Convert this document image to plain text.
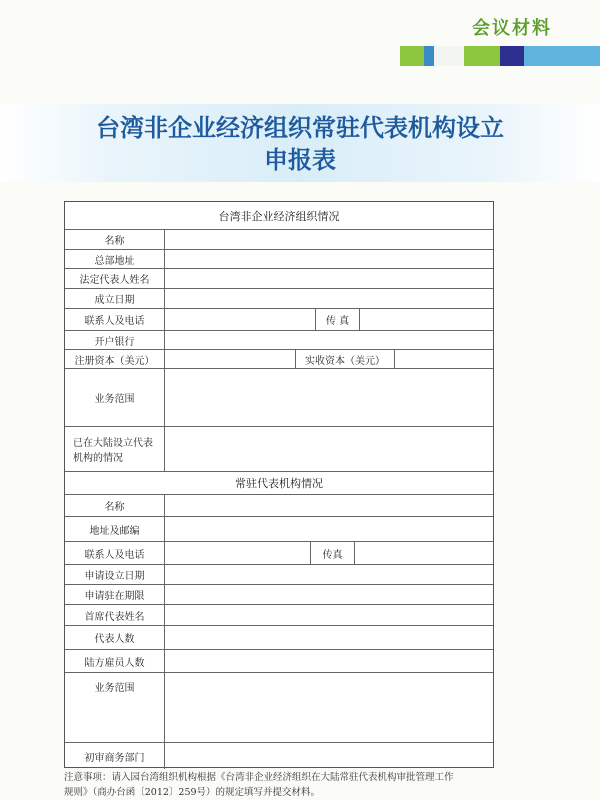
会议材料
台湾非企业经济组织常驻代表机构设立
申报表
台湾非企业经济组织情况
名称
总部地址
法定代表人姓名
成立日期
联系人及电话	传 真
开户银行
注册资本（美元）	实收资本（美元）
业务范围
已在大陆设立代表机构的情况
常驻代表机构情况
名称
地址及邮编
联系人及电话	传真
申请设立日期
申请驻在期限
首席代表姓名
代表人数
陆方雇员人数
业务范围
初审商务部门
注意事项：请入园台湾组织机构根据《台湾非企业经济组织在大陆常驻代表机构审批管理工作
规则》（商办台函〔2012〕259号）的规定填写并提交材料。
